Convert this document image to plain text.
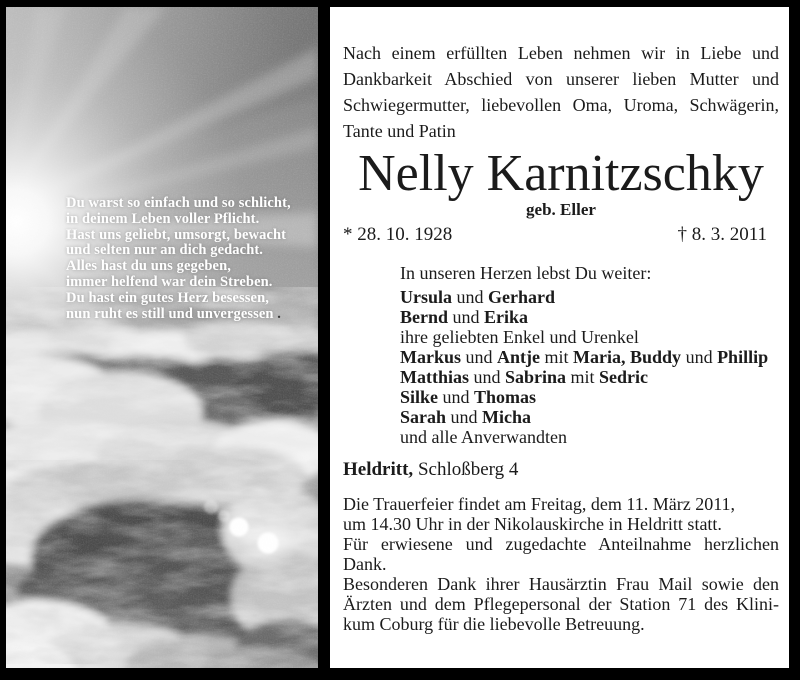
Du warst so einfach und so schlicht,
in deinem Leben voller Pflicht.
Hast uns geliebt, umsorgt, bewacht
und selten nur an dich gedacht.
Alles hast du uns gegeben,
immer helfend war dein Streben.
Du hast ein gutes Herz besessen,
nun ruht es still und unvergessen .
Nach einem erfüllten Leben nehmen wir in Liebe und
Dankbarkeit Abschied von unserer lieben Mutter und
Schwiegermutter, liebevollen Oma, Uroma, Schwägerin,
Tante und Patin
Nelly Karnitzschky
geb. Eller
* 28. 10. 1928	† 8. 3. 2011
In unseren Herzen lebst Du weiter:
Ursula und Gerhard
Bernd und Erika
ihre geliebten Enkel und Urenkel
Markus und Antje mit Maria, Buddy und Phillip
Matthias und Sabrina mit Sedric
Silke und Thomas
Sarah und Micha
und alle Anverwandten
Heldritt, Schloßberg 4
Die Trauerfeier findet am Freitag, dem 11. März 2011,
um 14.30 Uhr in der Nikolauskirche in Heldritt statt.
Für erwiesene und zugedachte Anteilnahme herzlichen
Dank.
Besonderen Dank ihrer Hausärztin Frau Mail sowie den
Ärzten und dem Pflegepersonal der Station 71 des Klini-
kum Coburg für die liebevolle Betreuung.
